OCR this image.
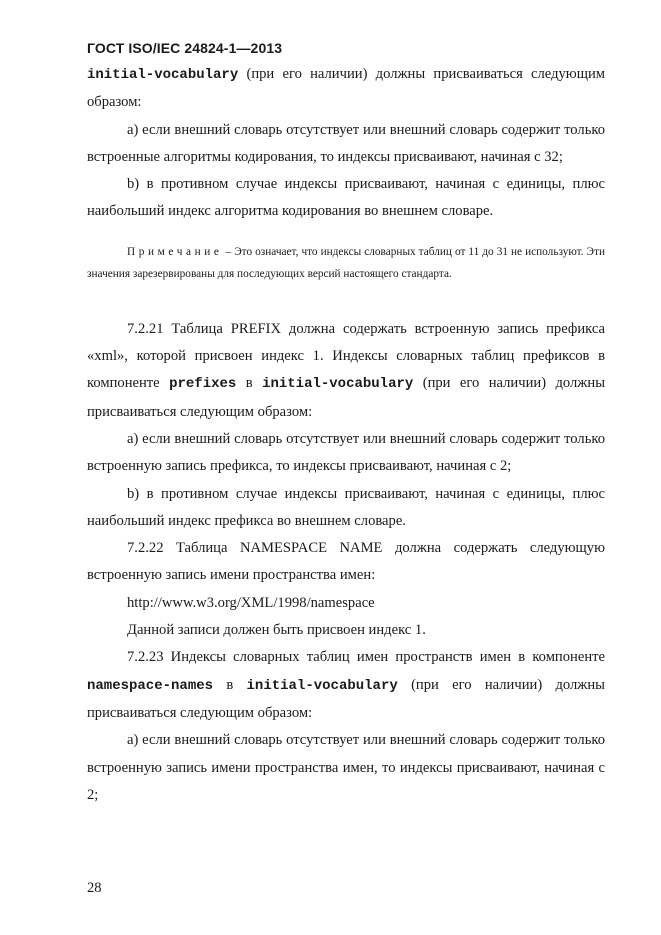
ГОСТ ISO/IEC 24824-1—2013

initial-vocabulary (при его наличии) должны присваиваться следующим образом:

a) если внешний словарь отсутствует или внешний словарь содержит только встроенные алгоритмы кодирования, то индексы присваивают, начиная с 32;

b) в противном случае индексы присваивают, начиная с единицы, плюс наибольший индекс алгоритма кодирования во внешнем словаре.

Примечание – Это означает, что индексы словарных таблиц от 11 до 31 не используют. Эти значения зарезервированы для последующих версий настоящего стандарта.

7.2.21 Таблица PREFIX должна содержать встроенную запись префикса «xml», которой присвоен индекс 1. Индексы словарных таблиц префиксов в компоненте prefixes в initial-vocabulary (при его наличии) должны присваиваться следующим образом:

a) если внешний словарь отсутствует или внешний словарь содержит только встроенную запись префикса, то индексы присваивают, начиная с 2;

b) в противном случае индексы присваивают, начиная с единицы, плюс наибольший индекс префикса во внешнем словаре.

7.2.22 Таблица NAMESPACE NAME должна содержать следующую встроенную запись имени пространства имен:

http://www.w3.org/XML/1998/namespace

Данной записи должен быть присвоен индекс 1.

7.2.23 Индексы словарных таблиц имен пространств имен в компоненте namespace-names в initial-vocabulary (при его наличии) должны присваиваться следующим образом:

a) если внешний словарь отсутствует или внешний словарь содержит только встроенную запись имени пространства имен, то индексы присваивают, начиная с 2;

28
